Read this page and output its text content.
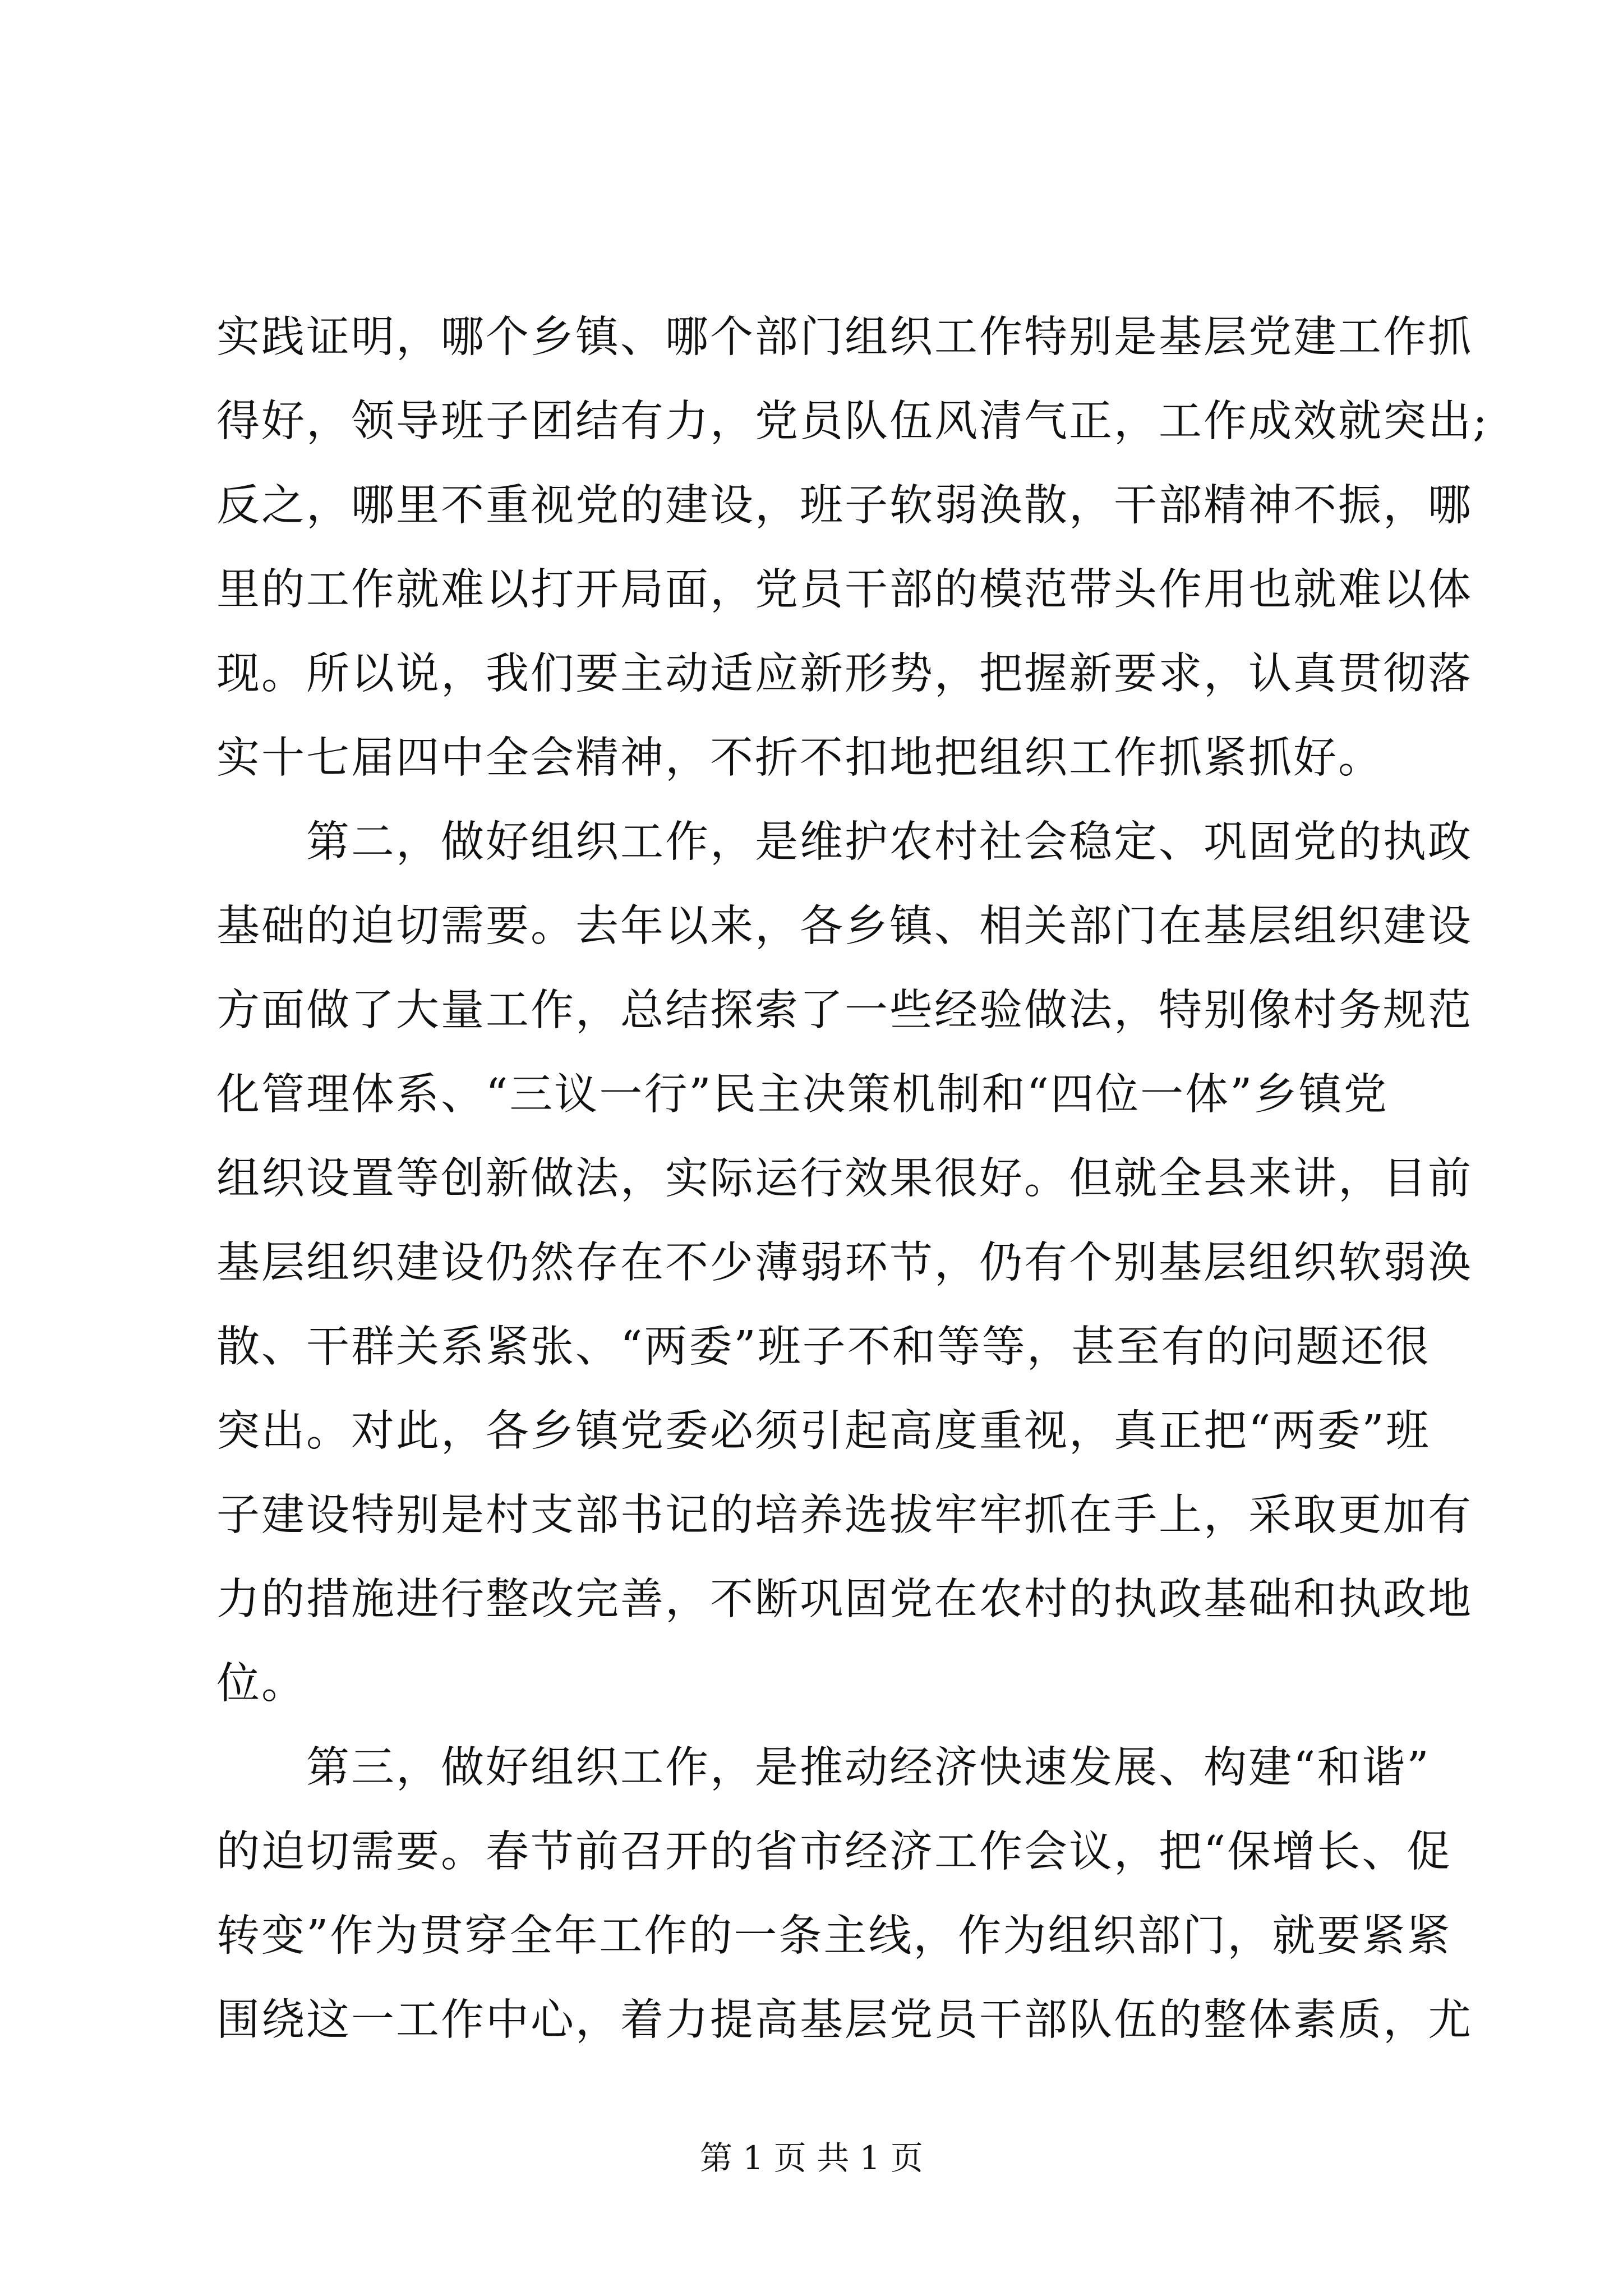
实践证明，哪个乡镇、哪个部门组织工作特别是基层党建工作抓
得好，领导班子团结有力，党员队伍风清气正，工作成效就突出;
反之，哪里不重视党的建设，班子软弱涣散，干部精神不振，哪
里的工作就难以打开局面，党员干部的模范带头作用也就难以体
现。所以说，我们要主动适应新形势，把握新要求，认真贯彻落
实十七届四中全会精神，不折不扣地把组织工作抓紧抓好。
　　第二，做好组织工作，是维护农村社会稳定、巩固党的执政
基础的迫切需要。去年以来，各乡镇、相关部门在基层组织建设
方面做了大量工作，总结探索了一些经验做法，特别像村务规范
化管理体系、“三议一行”民主决策机制和“四位一体”乡镇党
组织设置等创新做法，实际运行效果很好。但就全县来讲，目前
基层组织建设仍然存在不少薄弱环节，仍有个别基层组织软弱涣
散、干群关系紧张、“两委”班子不和等等，甚至有的问题还很
突出。对此，各乡镇党委必须引起高度重视，真正把“两委”班
子建设特别是村支部书记的培养选拔牢牢抓在手上，采取更加有
力的措施进行整改完善，不断巩固党在农村的执政基础和执政地
位。
　　第三，做好组织工作，是推动经济快速发展、构建“和谐”
的迫切需要。春节前召开的省市经济工作会议，把“保增长、促
转变”作为贯穿全年工作的一条主线，作为组织部门，就要紧紧
围绕这一工作中心，着力提高基层党员干部队伍的整体素质，尤
第 1 页 共 1 页
